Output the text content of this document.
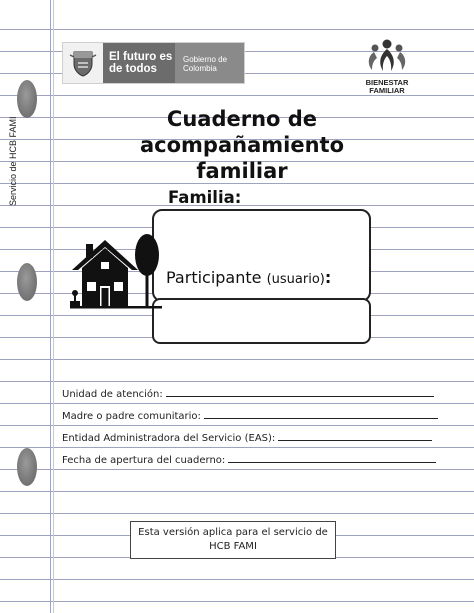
Servicio de HCB FAMI
El futuro es de todos
Gobierno de Colombia
BIENESTAR
FAMILIAR
Cuaderno de acompañamiento familiar
Familia:
Participante (usuario):
Unidad de atención:
Madre o padre comunitario:
Entidad Administradora del Servicio (EAS):
Fecha de apertura del cuaderno:
Esta versión aplica para el servicio de HCB FAMI
